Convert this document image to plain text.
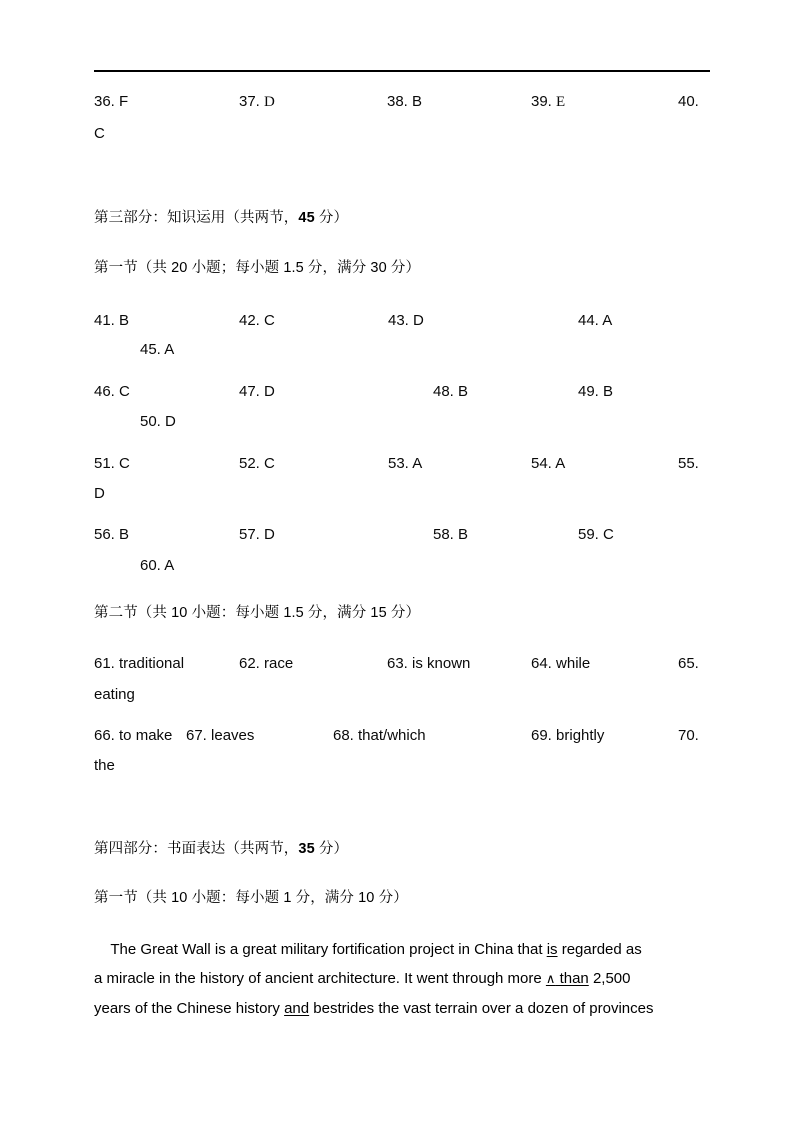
36. F	37. D	38. B	39. E	40.
C
第三部分：知识运用（共两节，45 分）
第一节（共 20 小题；每小题 1.5 分，满分 30 分）
41. B	42. C	43. D	44. A
45. A
46. C	47. D	48. B	49. B
50. D
51. C	52. C	53. A	54. A	55.
D
56. B	57. D	58. B	59. C
60. A
第二节（共 10 小题：每小题 1.5 分，满分 15 分）
61. traditional	62. race	63. is known	64. while	65.
eating
66. to make 67. leaves	68. that/which	69. brightly	70.
the
第四部分：书面表达（共两节，35 分）
第一节（共 10 小题：每小题 1 分，满分 10 分）
The Great Wall is a great military fortification project in China that is regarded as
a miracle in the history of ancient architecture. It went through more ∧ than 2,500
years of the Chinese history and bestrides the vast terrain over a dozen of provinces
